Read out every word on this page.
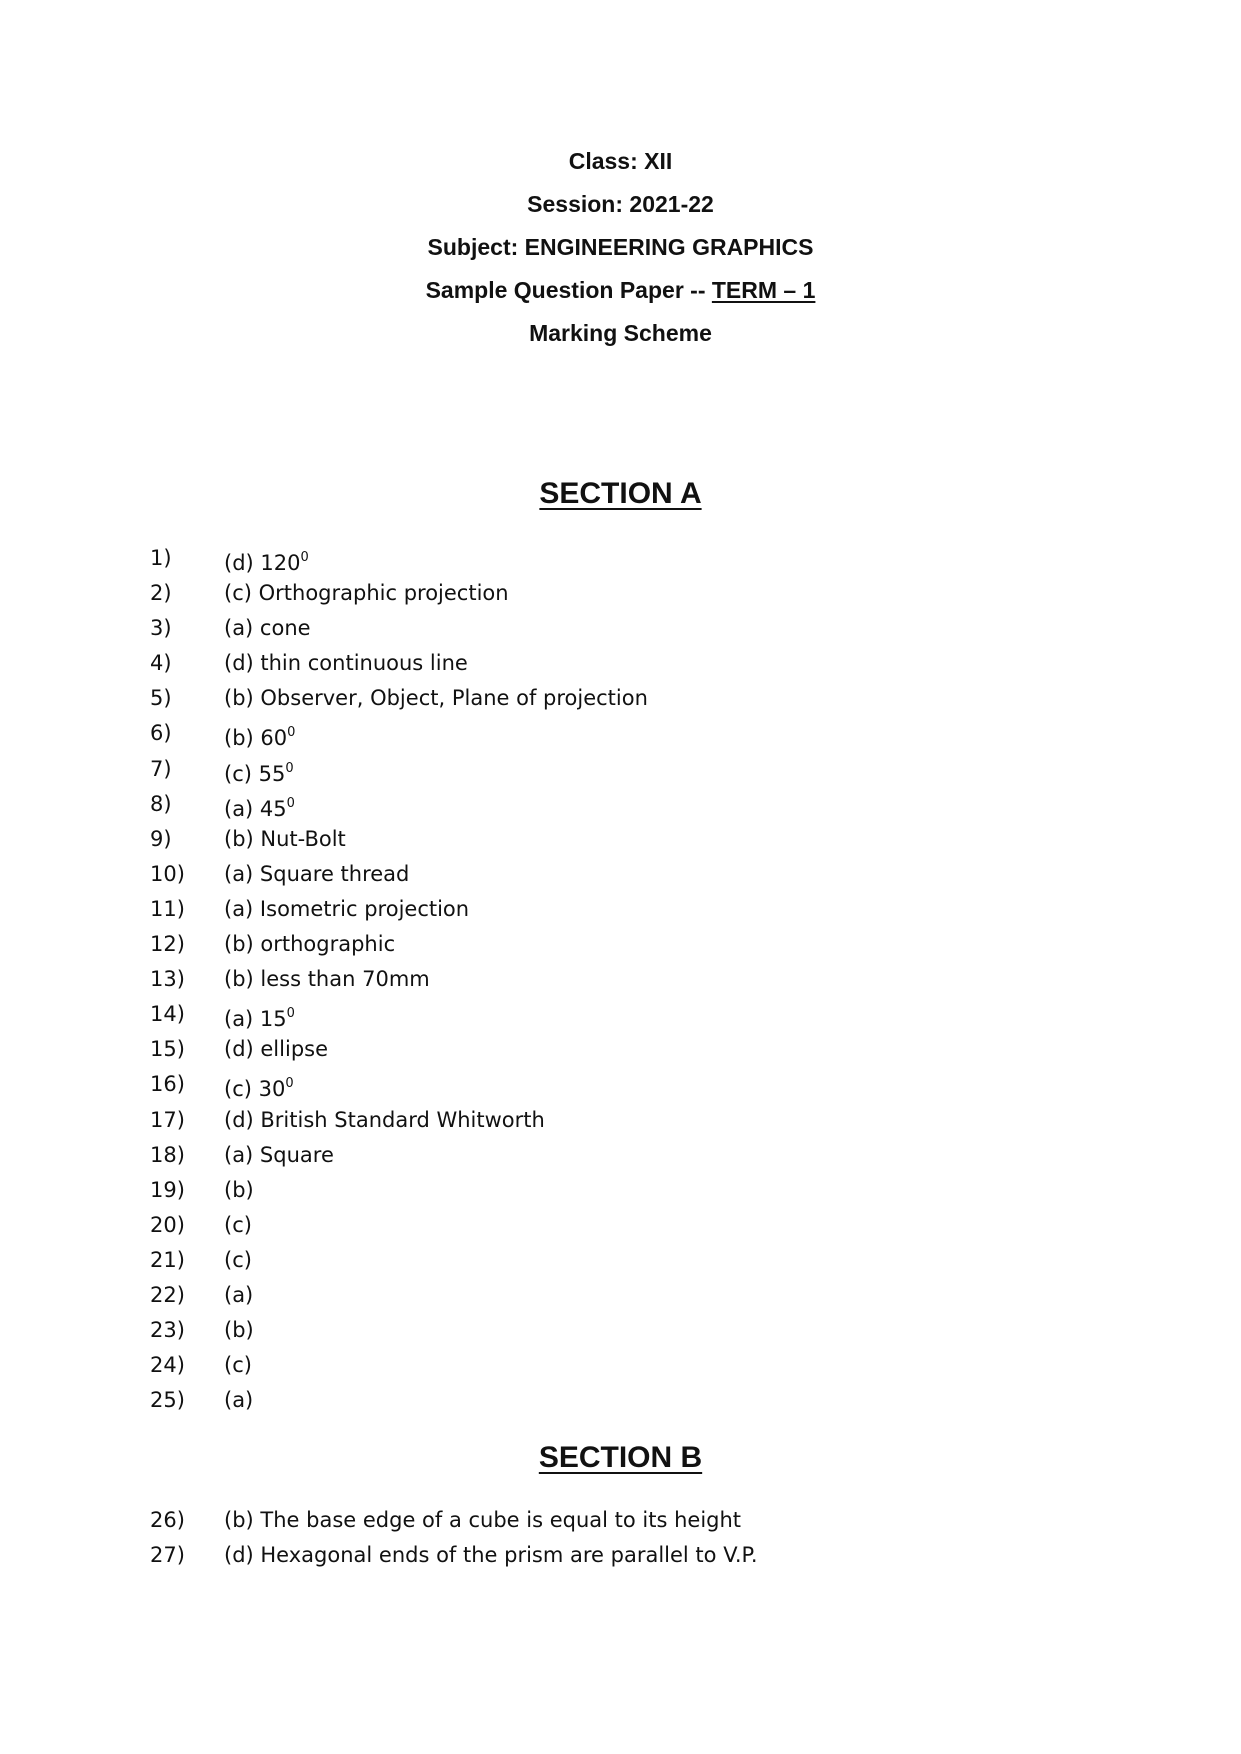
Class: XII
Session: 2021-22
Subject: ENGINEERING GRAPHICS
Sample Question Paper -- TERM – 1
Marking Scheme
SECTION A
1)	(d) $120^0$
2)	(c) Orthographic projection
3)	(a) cone
4)	(d) thin continuous line
5)	(b) Observer, Object, Plane of projection
6)	(b) $60^0$
7)	(c) $55^0$
8)	(a) $45^0$
9)	(b) Nut-Bolt
10)	(a) Square thread
11)	(a) Isometric projection
12)	(b) orthographic
13)	(b) less than 70mm
14)	(a) $15^0$
15)	(d) ellipse
16)	(c) $30^0$
17)	(d) British Standard Whitworth
18)	(a) Square
19)	(b)
20)	(c)
21)	(c)
22)	(a)
23)	(b)
24)	(c)
25)	(a)
SECTION B
26)	(b) The base edge of a cube is equal to its height
27)	(d) Hexagonal ends of the prism are parallel to V.P.
